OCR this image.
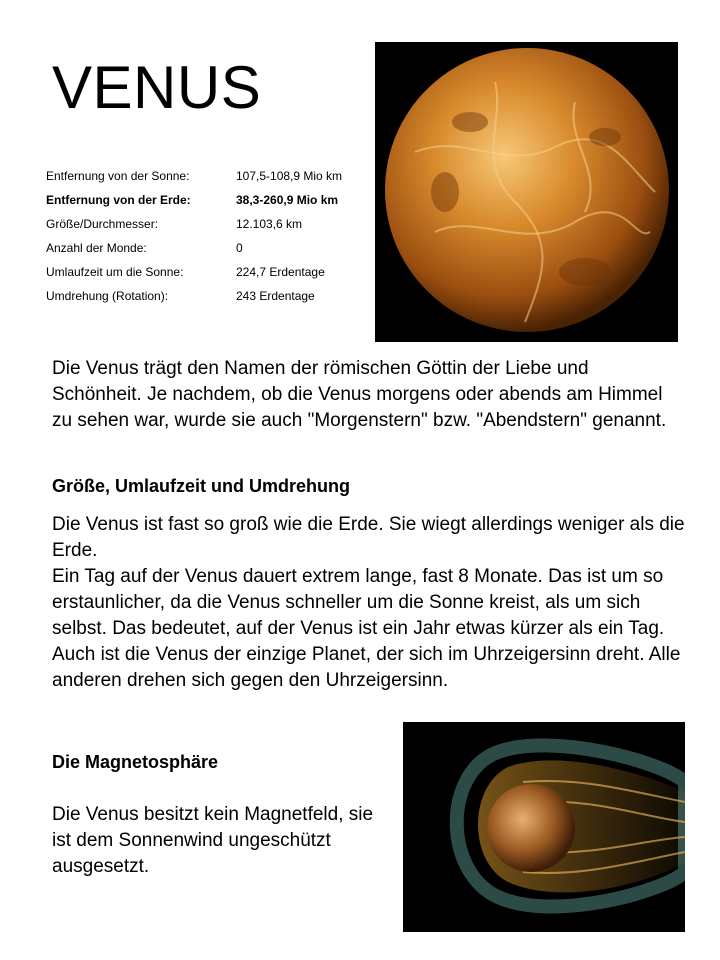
VENUS
Entfernung von der Sonne:	107,5-108,9 Mio km
Entfernung von der Erde:	38,3-260,9 Mio km
Größe/Durchmesser:	12.103,6 km
Anzahl der Monde:	0
Umlaufzeit um die Sonne:	224,7 Erdentage
Umdrehung (Rotation):	243 Erdentage

Die Venus trägt den Namen der römischen Göttin der Liebe und Schönheit. Je nachdem, ob die Venus morgens oder abends am Himmel zu sehen war, wurde sie auch "Morgenstern" bzw. "Abendstern" genannt.

Größe, Umlaufzeit und Umdrehung

Die Venus ist fast so groß wie die Erde. Sie wiegt allerdings weniger als die Erde.

Ein Tag auf der Venus dauert extrem lange, fast 8 Monate. Das ist um so erstaunlicher, da die Venus schneller um die Sonne kreist, als um sich selbst. Das bedeutet, auf der Venus ist ein Jahr etwas kürzer als ein Tag. Auch ist die Venus der einzige Planet, der sich im Uhrzeigersinn dreht. Alle anderen drehen sich gegen den Uhrzeigersinn.

Die Magnetosphäre

Die Venus besitzt kein Magnetfeld, sie ist dem Sonnenwind ungeschützt ausgesetzt.
